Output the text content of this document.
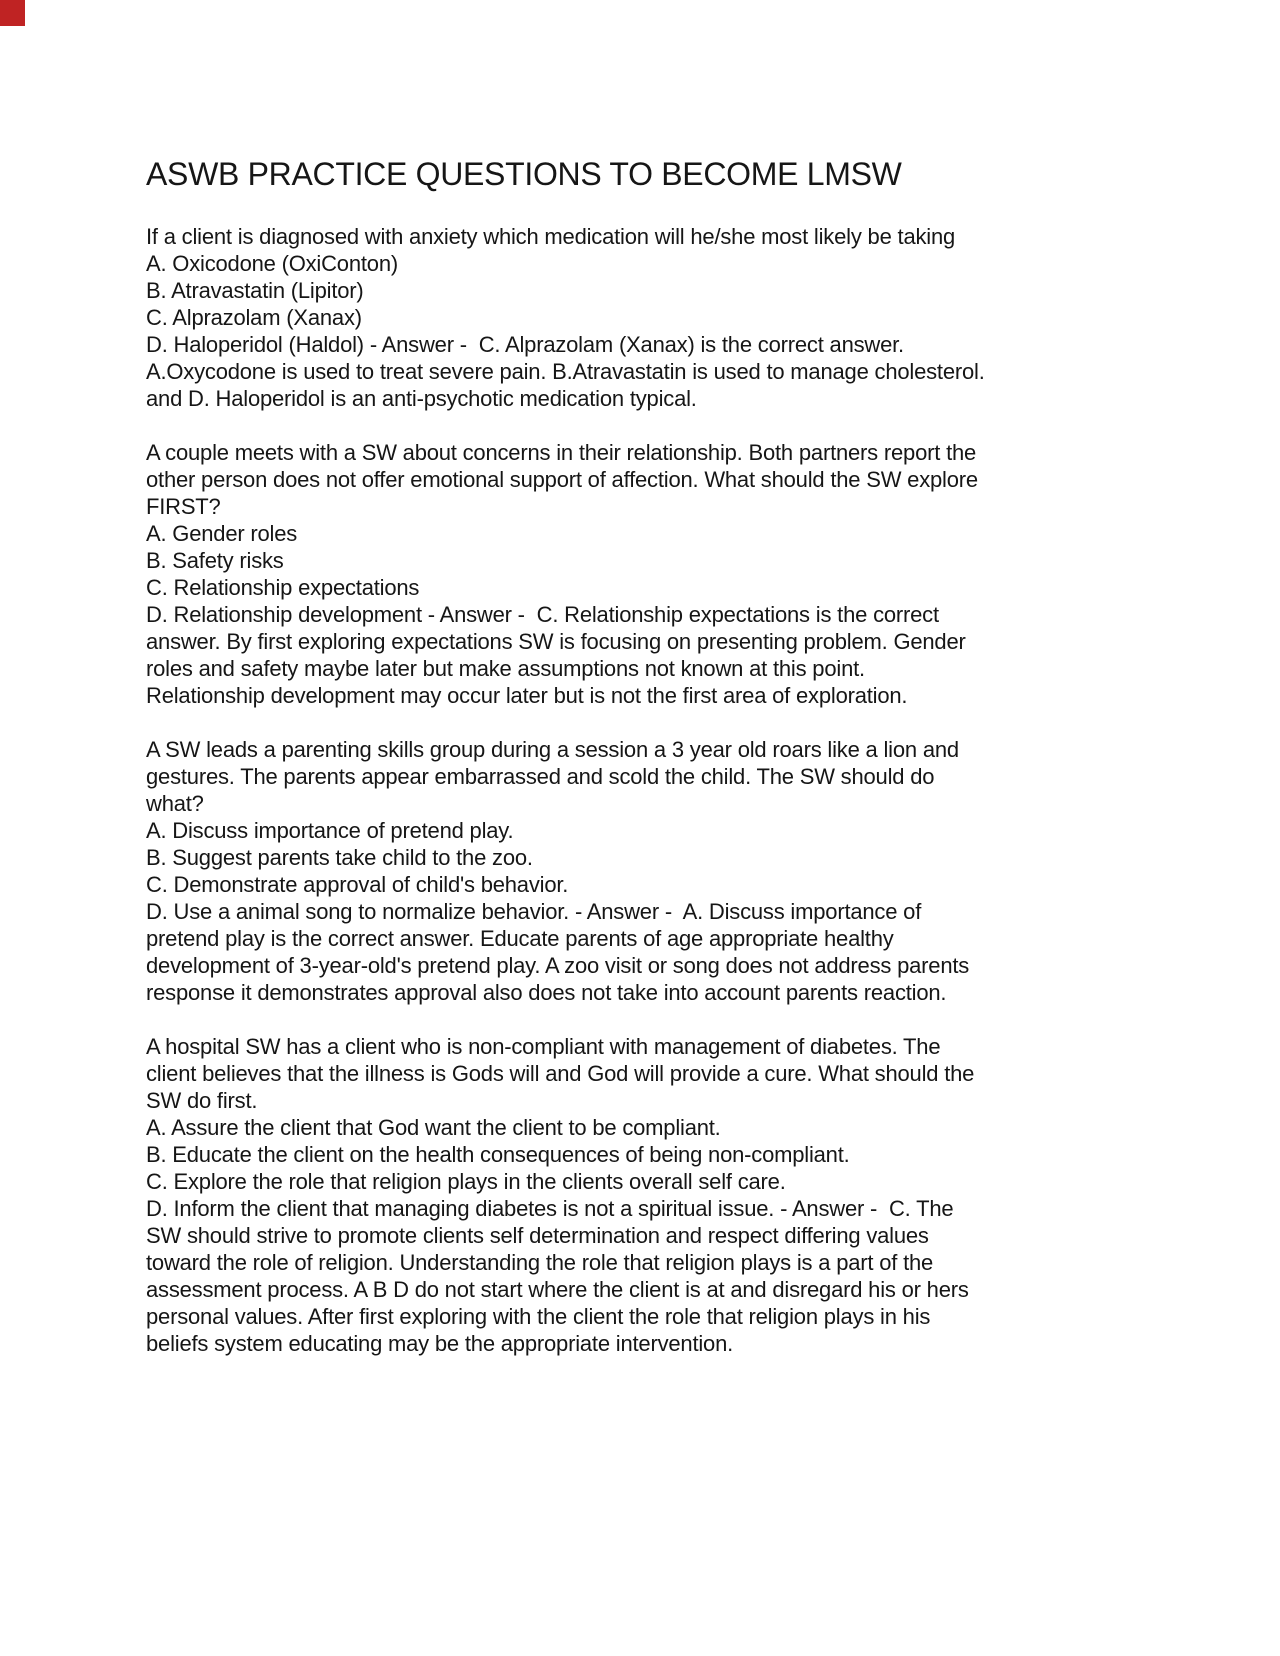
ASWB PRACTICE QUESTIONS TO BECOME LMSW
If a client is diagnosed with anxiety which medication will he/she most likely be taking
A. Oxicodone (OxiConton)
B. Atravastatin (Lipitor)
C. Alprazolam (Xanax)
D. Haloperidol (Haldol) - Answer -  C. Alprazolam (Xanax) is the correct answer.
A.Oxycodone is used to treat severe pain. B.Atravastatin is used to manage cholesterol.
and D. Haloperidol is an anti-psychotic medication typical.
A couple meets with a SW about concerns in their relationship. Both partners report the
other person does not offer emotional support of affection. What should the SW explore
FIRST?
A. Gender roles
B. Safety risks
C. Relationship expectations
D. Relationship development - Answer -  C. Relationship expectations is the correct
answer. By first exploring expectations SW is focusing on presenting problem. Gender
roles and safety maybe later but make assumptions not known at this point.
Relationship development may occur later but is not the first area of exploration.
A SW leads a parenting skills group during a session a 3 year old roars like a lion and
gestures. The parents appear embarrassed and scold the child. The SW should do
what?
A. Discuss importance of pretend play.
B. Suggest parents take child to the zoo.
C. Demonstrate approval of child's behavior.
D. Use a animal song to normalize behavior. - Answer -  A. Discuss importance of
pretend play is the correct answer. Educate parents of age appropriate healthy
development of 3-year-old's pretend play. A zoo visit or song does not address parents
response it demonstrates approval also does not take into account parents reaction.
A hospital SW has a client who is non-compliant with management of diabetes. The
client believes that the illness is Gods will and God will provide a cure. What should the
SW do first.
A. Assure the client that God want the client to be compliant.
B. Educate the client on the health consequences of being non-compliant.
C. Explore the role that religion plays in the clients overall self care.
D. Inform the client that managing diabetes is not a spiritual issue. - Answer -  C. The
SW should strive to promote clients self determination and respect differing values
toward the role of religion. Understanding the role that religion plays is a part of the
assessment process. A B D do not start where the client is at and disregard his or hers
personal values. After first exploring with the client the role that religion plays in his
beliefs system educating may be the appropriate intervention.
